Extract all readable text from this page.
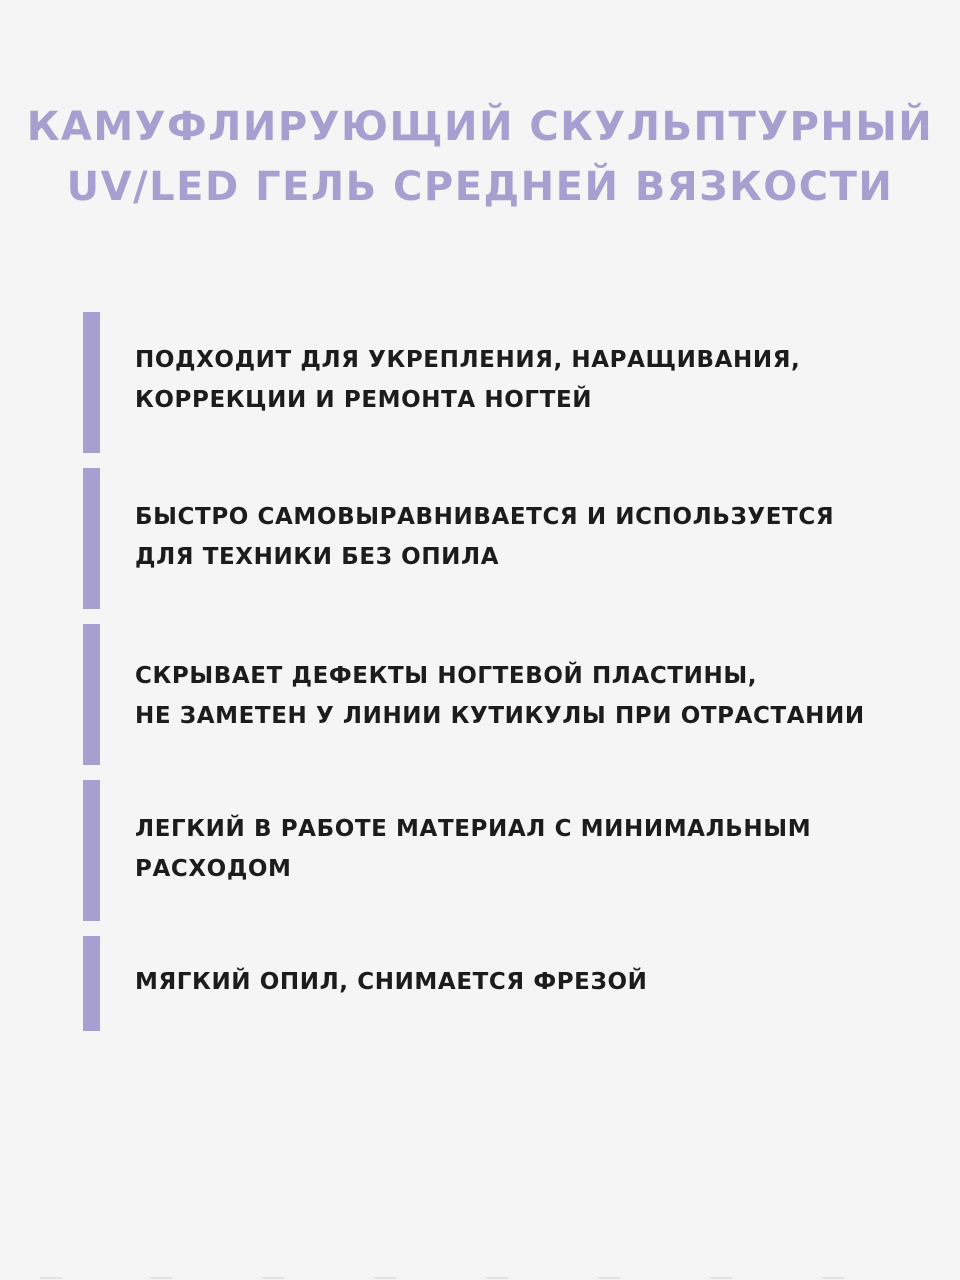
КАМУФЛИРУЮЩИЙ СКУЛЬПТУРНЫЙ
UV/LED ГЕЛЬ СРЕДНЕЙ ВЯЗКОСТИ
ПОДХОДИТ ДЛЯ УКРЕПЛЕНИЯ, НАРАЩИВАНИЯ,
КОРРЕКЦИИ И РЕМОНТА НОГТЕЙ
БЫСТРО САМОВЫРАВНИВАЕТСЯ И ИСПОЛЬЗУЕТСЯ
ДЛЯ ТЕХНИКИ БЕЗ ОПИЛА
СКРЫВАЕТ ДЕФЕКТЫ НОГТЕВОЙ ПЛАСТИНЫ,
НЕ ЗАМЕТЕН У ЛИНИИ КУТИКУЛЫ ПРИ ОТРАСТАНИИ
ЛЕГКИЙ В РАБОТЕ МАТЕРИАЛ С МИНИМАЛЬНЫМ
РАСХОДОМ
МЯГКИЙ ОПИЛ, СНИМАЕТСЯ ФРЕЗОЙ
